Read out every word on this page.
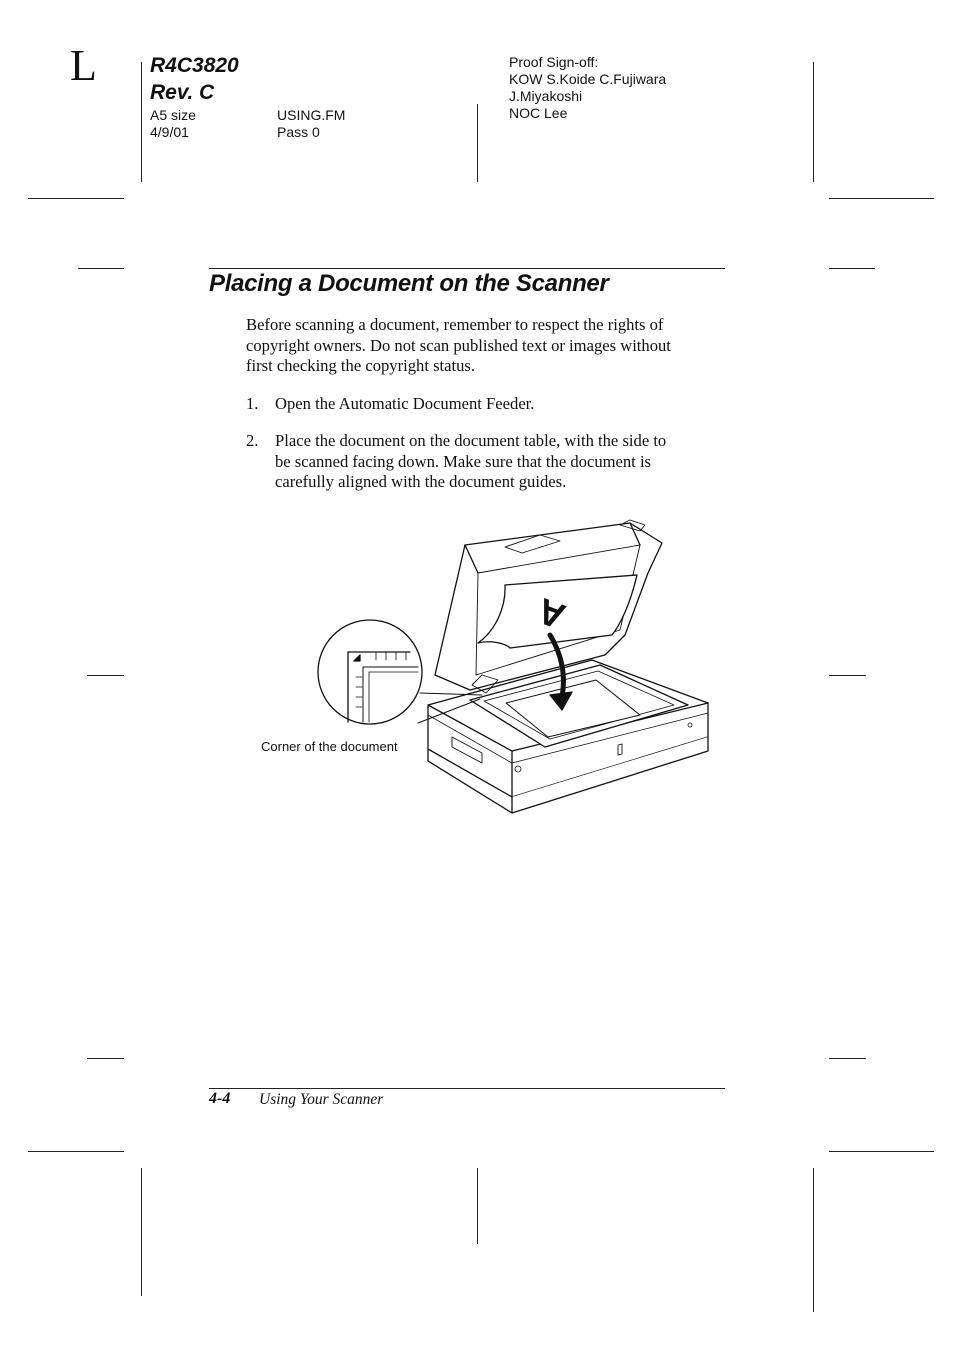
L	R4C3820
Rev. C
A5 size
4/9/01
USING.FM
Pass 0
Proof Sign-off:
KOW S.Koide C.Fujiwara
J.Miyakoshi
NOC Lee
Placing a Document on the Scanner
Before scanning a document, remember to respect the rights of
copyright owners. Do not scan published text or images without
first checking the copyright status.
1. Open the Automatic Document Feeder.
2. Place the document on the document table, with the side to
be scanned facing down. Make sure that the document is
carefully aligned with the document guides.
A
Corner of the document
4-4 Using Your Scanner
